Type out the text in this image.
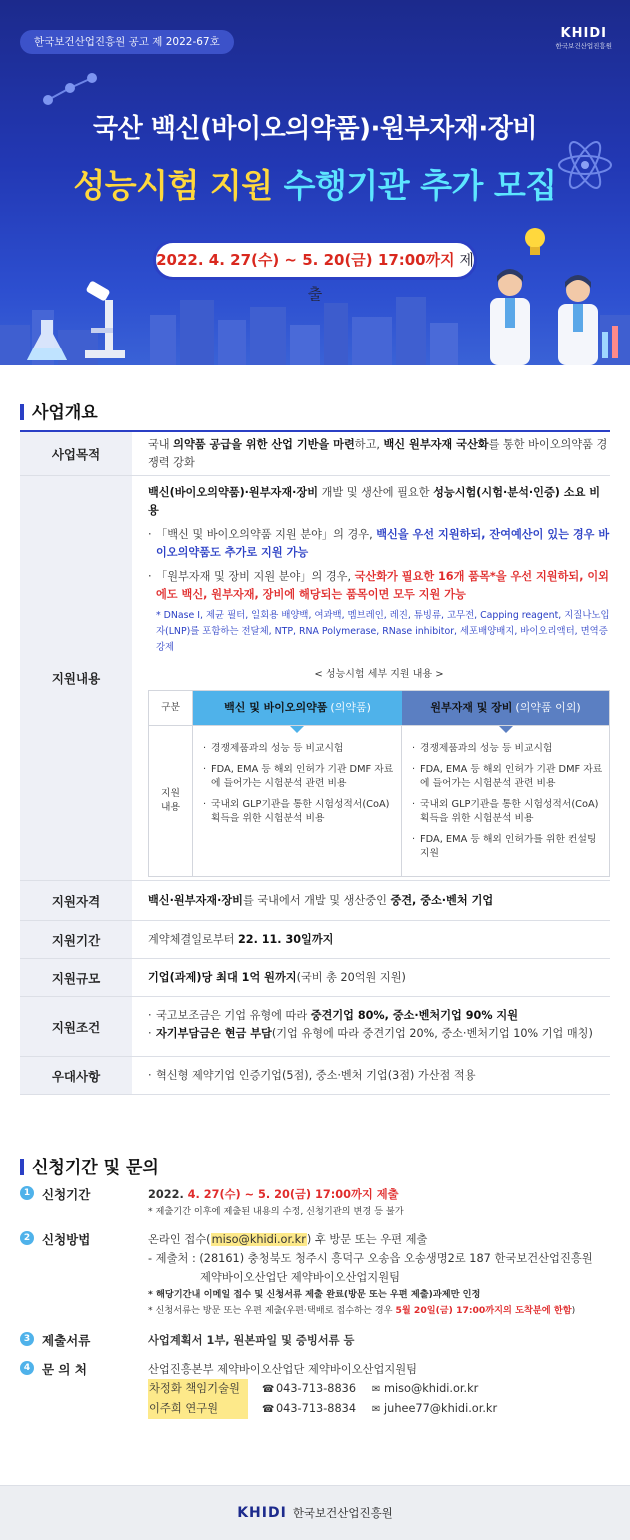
한국보건산업진흥원 공고 제 2022-67호
KHIDI
한국보건산업진흥원
국산 백신(바이오의약품)·원부자재·장비
성능시험 지원 수행기관 추가 모집
2022. 4. 27(수) ~ 5. 20(금) 17:00까지 제출
사업개요
사업목적
국내 의약품 공급을 위한 산업 기반을 마련하고, 백신 원부자재 국산화를 통한 바이오의약품 경쟁력 강화
지원내용
백신(바이오의약품)·원부자재·장비 개발 및 생산에 필요한 성능시험(시험·분석·인증) 소요 비용
· 「백신 및 바이오의약품 지원 분야」의 경우, 백신을 우선 지원하되, 잔여예산이 있는 경우 바이오의약품도 추가로 지원 가능
· 「원부자재 및 장비 지원 분야」의 경우, 국산화가 필요한 16개 품목*을 우선 지원하되, 이외에도 백신, 원부자재, 장비에 해당되는 품목이면 모두 지원 가능
* DNase I, 제균 필터, 일회용 배양백, 여과백, 멤브레인, 레진, 튜빙류, 고무전, Capping reagent, 지질나노입자(LNP)를 포함하는 전달체, NTP, RNA Polymerase, RNase inhibitor, 세포배양배지, 바이오리액터, 면역증강제
< 성능시험 세부 지원 내용 >
구분	백신 및 바이오의약품 (의약품)	원부자재 및 장비 (의약품 이외)
지원 내용
· 경쟁제품과의 성능 등 비교시험
· FDA, EMA 등 해외 인허가 기관 DMF 자료에 들어가는 시험분석 관련 비용
· 국내외 GLP기관을 통한 시험성적서(CoA) 획득을 위한 시험분석 비용
· 경쟁제품과의 성능 등 비교시험
· FDA, EMA 등 해외 인허가 기관 DMF 자료에 들어가는 시험분석 관련 비용
· 국내외 GLP기관을 통한 시험성적서(CoA) 획득을 위한 시험분석 비용
· FDA, EMA 등 해외 인허가를 위한 컨설팅 지원
지원자격	백신·원부자재·장비를 국내에서 개발 및 생산중인 중견, 중소·벤처 기업
지원기간	계약체결일로부터 22. 11. 30일까지
지원규모	기업(과제)당 최대 1억 원까지(국비 총 20억원 지원)
지원조건
· 국고보조금은 기업 유형에 따라 중견기업 80%, 중소·벤처기업 90% 지원
· 자기부담금은 현금 부담(기업 유형에 따라 중견기업 20%, 중소·벤처기업 10% 기업 매칭)
우대사항
·	혁신형 제약기업 인증기업(5점), 중소·벤처 기업(3점) 가산점 적용
신청기간 및 문의
1 신청기간	2022. 4. 27(수) ~ 5. 20(금) 17:00까지 제출
* 제출기간 이후에 제출된 내용의 수정, 신청기관의 변경 등 불가
2 신청방법	온라인 접수(miso@khidi.or.kr) 후 방문 또는 우편 제출
- 제출처 : (28161) 충청북도 청주시 흥덕구 오송읍 오송생명2로 187 한국보건산업진흥원
제약바이오산업단 제약바이오산업지원팀
* 해당기간내 이메일 접수 및 신청서류 제출 완료(방문 또는 우편 제출)과제만 인정
* 신청서류는 방문 또는 우편 제출(우편·택배로 접수하는 경우 5월 20일(금) 17:00까지의 도착분에 한함)
3 제출서류	사업계획서 1부, 원본파일 및 증빙서류 등
4 문 의 처	산업진흥본부 제약바이오산업단 제약바이오산업지원팀
차정화 책임기술원	☎ 043-713-8836 ✉ miso@khidi.or.kr
이주희 연구원	☎ 043-713-8834 ✉ juhee77@khidi.or.kr
KHIDI 한국보건산업진흥원
